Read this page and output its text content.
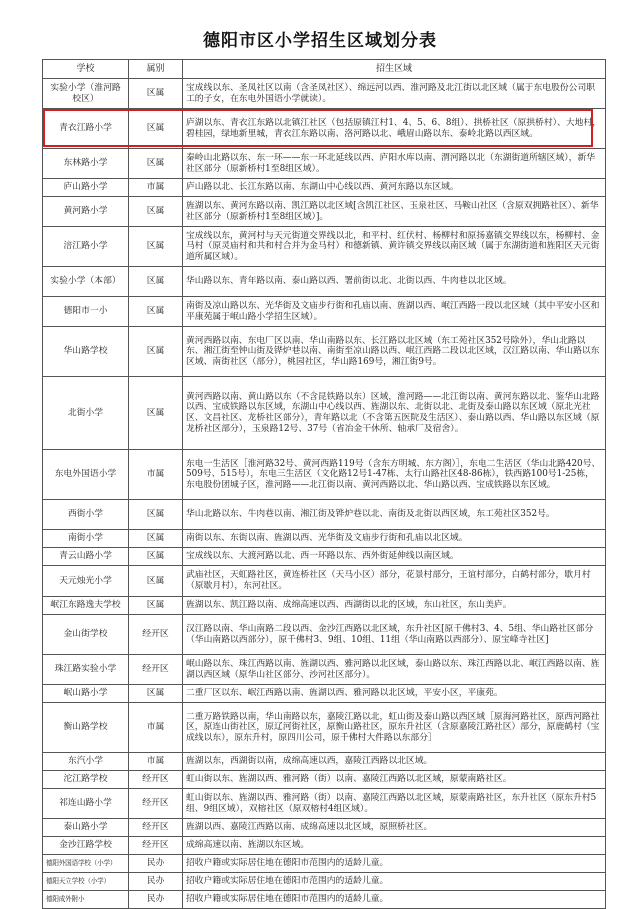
德阳市区小学招生区域划分表
学校	属别	招生区域
实验小学（淮河路校区）	区属	宝成线以东、圣凤社区以南（含圣凤社区）、绵远河以西、淮河路及北江街以北区域（属于东电股份公司职工的子女，在东电外国语小学就读）。
青衣江路小学	区属	庐湖以东、青衣江东路以北镇江社区（包括原镇江村1、4、5、6、8组）、拱桥社区（原拱桥村）、大地村，碧桂园，绿地新里城，青衣江东路以南、洛河路以北、峨眉山路以东、泰岭北路以西区域。
东林路小学	区属	秦岭山北路以东、东一环——东一环北延线以西、庐阳水库以南、渭河路以北（东湖街道所辖区域），新华社区部分（原新桥村1至8组区域）。
庐山路小学	市属	庐山路以北、长江东路以南、东湖山中心线以西、黄河东路以东区域。
黄河路小学	区属	旌湖以东、黄河东路以南、凯江路以北区域[含凯江社区、玉泉社区、马鞍山社区（含原双拥路社区）、新华社区部分（原新桥村1至8组区域）]。
涪江路小学	区属	宝成线以东，黄河村与天元街道交界线以北，和平村、红伏村、杨柳村和原扬嘉镇交界线以东，杨柳村、金马村（原灵庙村和共和村合并为金马村）和德新镇、黄许镇交界线以南区域（属于东湖街道和旌阳区天元街道所属区域）。
实验小学（本部）	区属	华山路以东、青年路以南、泰山路以西、署前街以北、北街以西、牛肉巷以北区域。
德阳市一小	区属	南街及凉山路以东、光华街及文庙步行街和孔庙以南、旌湖以西、岷江西路一段以北区域（其中平安小区和平康苑属于岷山路小学招生区域）。
华山路学校	区属	黄河西路以南、东电厂区以南、华山南路以东、长江路以北区域（东工苑社区352号除外），华山北路以东、湘江街至钟山街及铧炉巷以南、南街至凉山路以西、岷江西路二段以北区域，汉江路以南、华山路以东区域、南街社区（部分），桃园社区，华山路169号，湘江街9号。
北街小学	区属	黄河西路以南、黄山路以东（不含昆铁路以东）区域，淮河路——北江街以南、黄河东路以北、鉴华山北路以西、宝成铁路以东区域，东湖山中心线以西、旌湖以东、北街以北、北街及泰山路以东区域（原北光社区、文昌社区、龙桥社区部分），青年路以北（不含第五医院及生活区）、泰山路以西、华山路以东区域（原龙桥社区部分），玉泉路12号、37号（省冶金干休所、轴承厂及宿舍）。
东电外国语小学	市属	东电一生活区［淮河路32号、黄河西路119号（含东方明城、东方阁）］，东电二生活区（华山北路420号、509号、515号），东电三生活区（文化路12号1-47栋、太行山路社区48-86栋），铁西路100号1-25栋，东电股份团城子区，淮河路——北江街以南、黄河西路以北、华山路以西、宝成铁路以东区域。
西街小学	区属	华山北路以东、牛肉巷以南、湘江街及铧炉巷以北、南街及北街以西区域，东工苑社区352号。
南街小学	区属	南街以东、东街以南、旌湖以西、光华街及文庙步行街和孔庙以北区域。
青云山路小学	区属	宝成线以东、大渡河路以北、西一环路以东、西外街延伸线以南区域。
天元烛光小学	区属	武庙社区，天虹路社区，黄连桥社区（天马小区）部分，花景村部分，王谊村部分，白鹤村部分，歇月村（原歇月村），东河社区。
岷江东路逸夫学校	区属	旌湖以东、凯江路以南、成绵高速以西、西湖街以北的区域，东山社区，东山美庐。
金山街学校	经开区	汉江路以南、华山南路二段以西、金沙江西路以北区域，东升社区[原千佛村3、4、5组、华山路社区部分（华山南路以西部分），原千佛村3、9组、10组、11组（华山南路以西部分）、原宝峰寺社区]
珠江路实验小学	经开区	岷山路以东、珠江西路以南、旌湖以西、雅河路以北区域，泰山路以东、珠江西路以北、岷江西路以南、旌湖以西区域（原华山社区部分、沙河社区部分）。
岷山路小学	区属	二重厂区以东、岷江西路以南、旌湖以西、雅河路以北区域，平安小区，平康苑。
衡山路学校	市属	二重万路铁路以南，华山南路以东，嘉陵江路以北，虹山街及泰山路以西区域［原海河路社区，原西河路社区，原连山街社区，原辽河街社区，原衡山路社区，原东升社区（含原嘉陵江路社区）部分，原鹿鹤村（宝成线以东），原东升村，原四川公司，原千佛村大件路以东部分］
东汽小学	市属	旌湖以东，西湖街以南，成绵高速以西，嘉陵江西路以北区域。
沱江路学校	经开区	虹山街以东、旌湖以西、雅河路（街）以南、嘉陵江西路以北区域，原蒙南路社区。
祁连山路小学	经开区	虹山街以东、旌湖以西、雅河路（街）以南、嘉陵江西路以北区域，原蒙南路社区，东升社区（原东升村5组、9组区域），双榕社区（原双榕村4组区域）。
泰山路小学	经开区	旌湖以西、嘉陵江西路以南、成绵高速以北区域，原照桥社区。
金沙江路学校	经开区	成绵高速以南、旌湖以东区域。
德阳外国语学校（小学）	民办	招收户籍或实际居住地在德阳市范围内的适龄儿童。
德阳天立学校（小学）	民办	招收户籍或实际居住地在德阳市范围内的适龄儿童。
德阳成外附小	民办	招收户籍或实际居住地在德阳市范围内的适龄儿童。
